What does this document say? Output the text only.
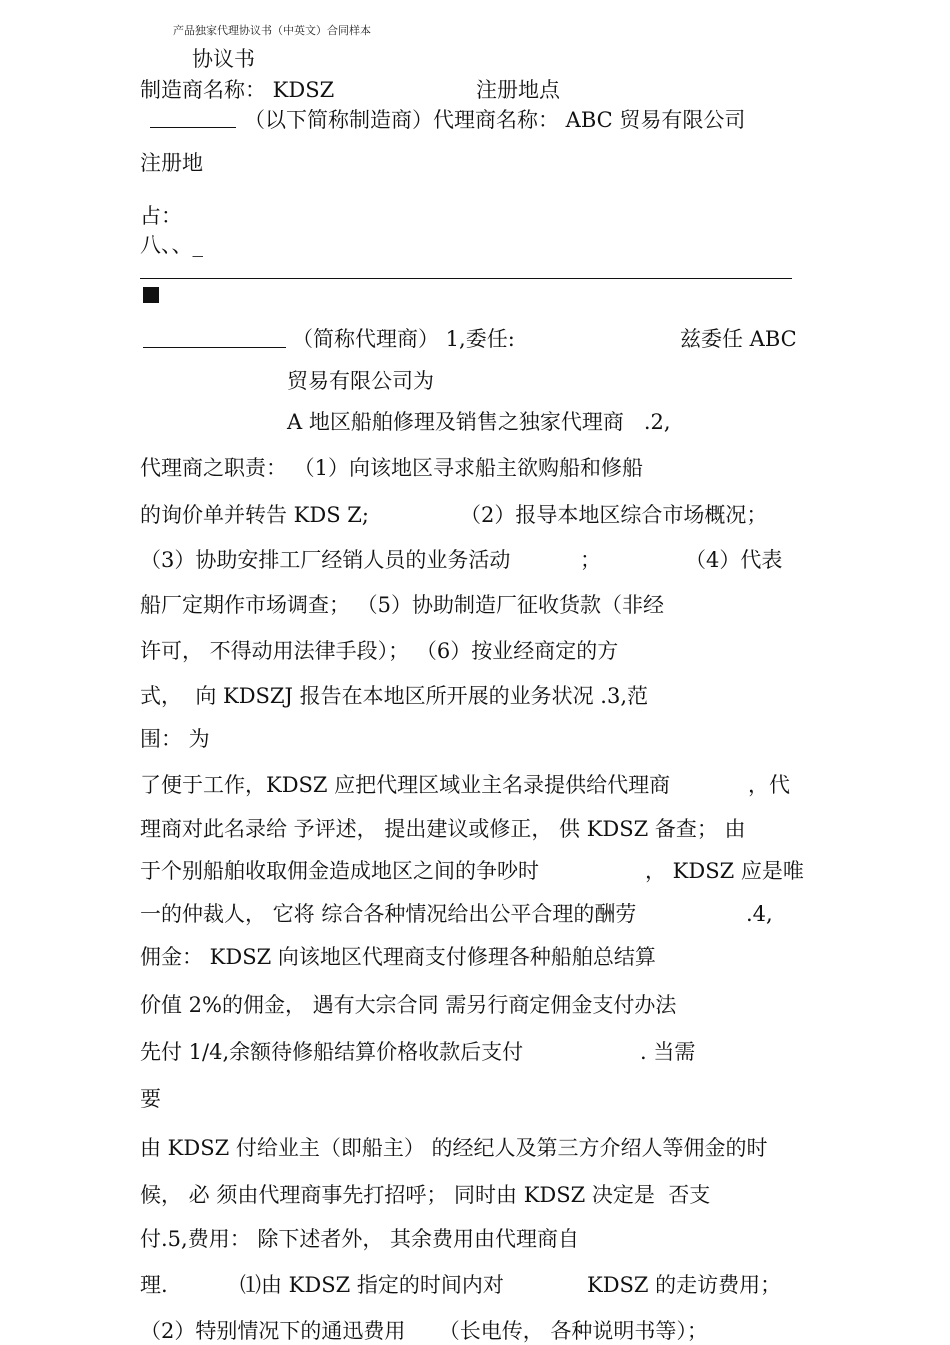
产品独家代理协议书（中英文）合同样本
协议书
制造商名称： KDSZ	注册地点
（以下简称制造商）代理商名称： ABC 贸易有限公司
注册地
占：
八、、_
（简称代理商） 1,委任:	兹委任 ABC
贸易有限公司为
A 地区船舶修理及销售之独家代理商   .2,
代理商之职责： （1）向该地区寻求船主欲购船和修船
的询价单并转告 KDS Z;	（2）报导本地区综合市场概况；
（3）协助安排工厂经销人员的业务活动	；	（4）代表
船厂定期作市场调查； （5）协助制造厂征收货款（非经
许可， 不得动用法律手段）； （6）按业经商定的方
式，  向 KDSZJ 报告在本地区所开展的业务状况 .3,范
围： 为
了便于工作，KDSZ 应把代理区域业主名录提供给代理商	，代
理商对此名录给 予评述， 提出建议或修正， 供 KDSZ 备查； 由
于个别船舶收取佣金造成地区之间的争吵时	， KDSZ 应是唯
一的仲裁人， 它将 综合各种情况给出公平合理的酬劳	.4,
佣金： KDSZ 向该地区代理商支付修理各种船舶总结算
价值 2%的佣金， 遇有大宗合同 需另行商定佣金支付办法
先付 1/4,余额待修船结算价格收款后支付	. 当需
要
由 KDSZ 付给业主（即船主） 的经纪人及第三方介绍人等佣金的时
候， 必 须由代理商事先打招呼； 同时由 KDSZ 决定是  否支
付.5,费用： 除下述者外， 其余费用由代理商自
理.	⑴由 KDSZ 指定的时间内对	KDSZ 的走访费用；
（2）特别情况下的通迅费用     （长电传， 各种说明书等）；
